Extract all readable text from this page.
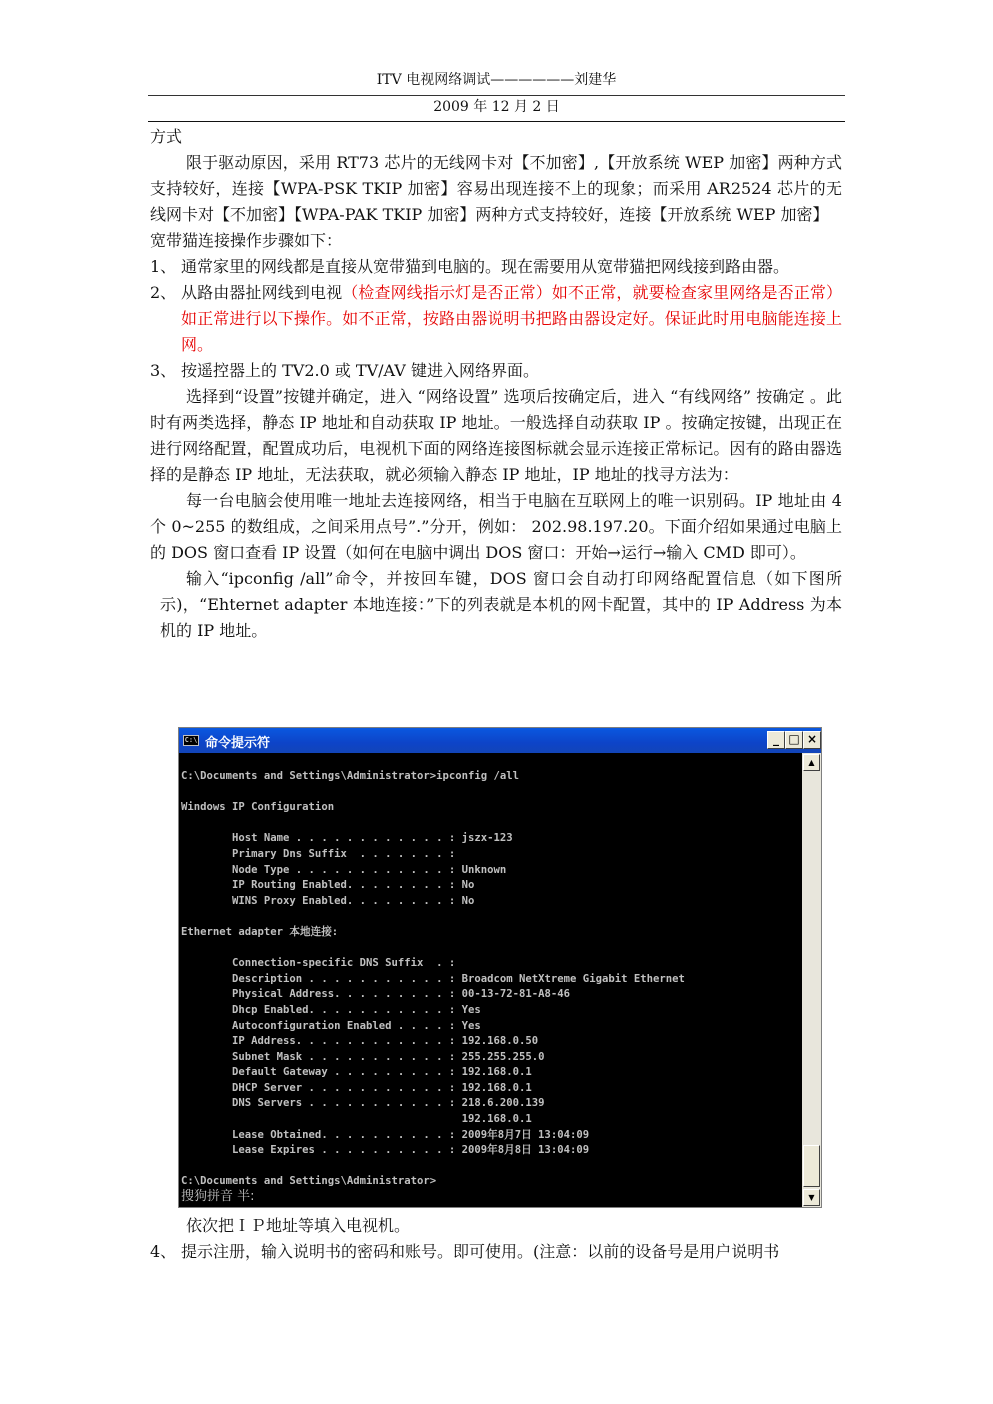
ITV 电视网络调试——————刘建华
2009 年 12 月 2 日

方式

限于驱动原因，采用 RT73 芯片的无线网卡对【不加密】,【开放系统 WEP 加密】两种方式支持较好，连接【WPA-PSK TKIP 加密】容易出现连接不上的现象；而采用 AR2524 芯片的无线网卡对【不加密】【WPA-PAK TKIP 加密】两种方式支持较好，连接【开放系统 WEP 加密】

宽带猫连接操作步骤如下：

1、 通常家里的网线都是直接从宽带猫到电脑的。现在需要用从宽带猫把网线接到路由器。

2、 从路由器扯网线到电视（检查网线指示灯是否正常）如不正常，就要检查家里网络是否正常）如正常进行以下操作。如不正常，按路由器说明书把路由器设定好。保证此时用电脑能连接上网。

3、 按遥控器上的 TV2.0 或 TV/AV 键进入网络界面。

选择到“设置”按键并确定，进入 “网络设置” 选项后按确定后，进入 “有线网络” 按确定 。此时有两类选择，静态 IP 地址和自动获取 IP 地址。一般选择自动获取 IP 。按确定按键，出现正在进行网络配置，配置成功后，电视机下面的网络连接图标就会显示连接正常标记。因有的路由器选择的是静态 IP 地址，无法获取，就必须输入静态 IP 地址，IP 地址的找寻方法为：

每一台电脑会使用唯一地址去连接网络，相当于电脑在互联网上的唯一识别码。IP 地址由 4 个 0~255 的数组成，之间采用点号”.”分开，例如： 202.98.197.20。下面介绍如果通过电脑上的 DOS 窗口查看 IP 设置（如何在电脑中调出 DOS 窗口：开始→运行→输入 CMD 即可）。

输入“ipconfig /all”命令，并按回车键，DOS 窗口会自动打印网络配置信息（如下图所示)，“Ehternet adapter 本地连接：”下的列表就是本机的网卡配置，其中的 IP Address 为本机的 IP 地址。

C:\ 命令提示符	_ □ ×
C:\Documents and Settings\Administrator>ipconfig /all

Windows IP Configuration

Host Name . . . . . . . . . . . . : jszx-123
Primary Dns Suffix  . . . . . . . :
Node Type . . . . . . . . . . . . : Unknown
IP Routing Enabled. . . . . . . . : No
WINS Proxy Enabled. . . . . . . . : No

Ethernet adapter 本地连接:

Connection-specific DNS Suffix  . :
Description . . . . . . . . . . . : Broadcom NetXtreme Gigabit Ethernet
Physical Address. . . . . . . . . : 00-13-72-81-A8-46
Dhcp Enabled. . . . . . . . . . . : Yes
Autoconfiguration Enabled . . . . : Yes
IP Address. . . . . . . . . . . . : 192.168.0.50
Subnet Mask . . . . . . . . . . . : 255.255.255.0
Default Gateway . . . . . . . . . : 192.168.0.1
DHCP Server . . . . . . . . . . . : 192.168.0.1
DNS Servers . . . . . . . . . . . : 218.6.200.139
192.168.0.1
Lease Obtained. . . . . . . . . . : 2009年8月7日 13:04:09
Lease Expires . . . . . . . . . . : 2009年8月8日 13:04:09

C:\Documents and Settings\Administrator>
搜狗拼音 半:
▲
▼

依次把ＩＰ地址等填入电视机。

4、 提示注册，输入说明书的密码和账号。即可使用。(注意：以前的设备号是用户说明书
